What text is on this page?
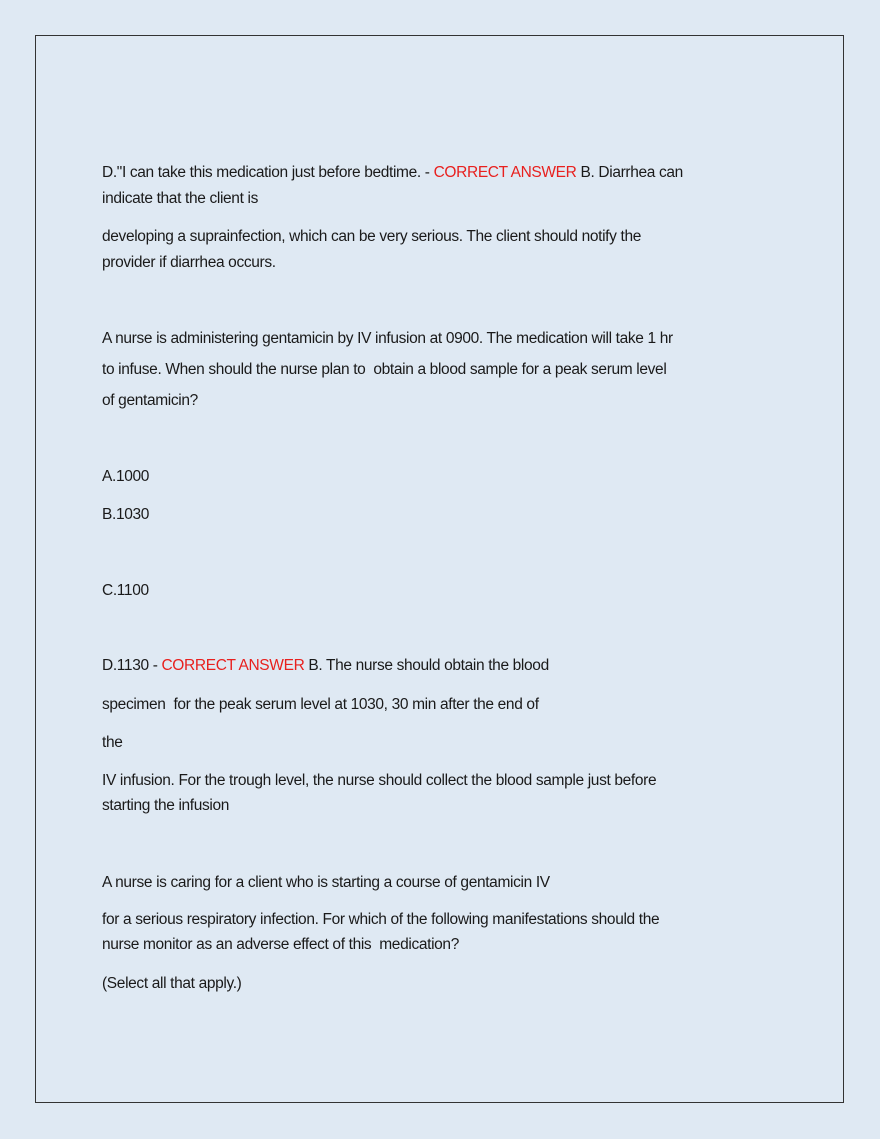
D."I can take this medication just before bedtime. - CORRECT ANSWER B. Diarrhea can
indicate that the client is
developing a suprainfection, which can be very serious. The client should notify the
provider if diarrhea occurs.
A nurse is administering gentamicin by IV infusion at 0900. The medication will take 1 hr
to infuse. When should the nurse plan to  obtain a blood sample for a peak serum level
of gentamicin?
A.1000
B.1030
C.1100
D.1130 - CORRECT ANSWER B. The nurse should obtain the blood
specimen  for the peak serum level at 1030, 30 min after the end of
the
IV infusion. For the trough level, the nurse should collect the blood sample just before
starting the infusion
A nurse is caring for a client who is starting a course of gentamicin IV
for a serious respiratory infection. For which of the following manifestations should the
nurse monitor as an adverse effect of this  medication?
(Select all that apply.)
